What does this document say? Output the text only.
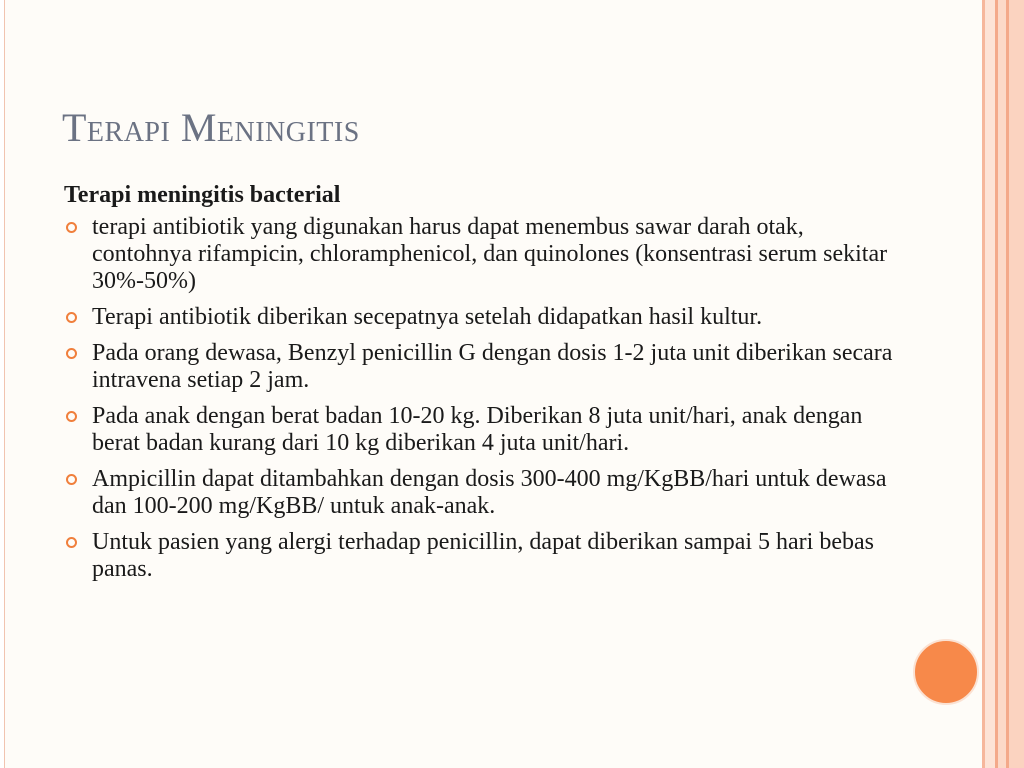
Terapi Meningitis
Terapi meningitis bacterial
terapi antibiotik yang digunakan harus dapat menembus sawar darah otak, contohnya rifampicin, chloramphenicol, dan quinolones (konsentrasi serum sekitar 30%-50%)
Terapi antibiotik diberikan secepatnya setelah didapatkan hasil kultur.
Pada orang dewasa, Benzyl penicillin G dengan dosis 1-2 juta unit diberikan secara intravena setiap 2 jam.
Pada anak dengan berat badan 10-20 kg. Diberikan 8 juta unit/hari, anak dengan berat badan kurang dari 10 kg diberikan 4 juta unit/hari.
Ampicillin dapat ditambahkan dengan dosis 300-400 mg/KgBB/hari untuk dewasa dan 100-200 mg/KgBB/ untuk anak-anak.
Untuk pasien yang alergi terhadap penicillin, dapat diberikan sampai 5 hari bebas panas.
